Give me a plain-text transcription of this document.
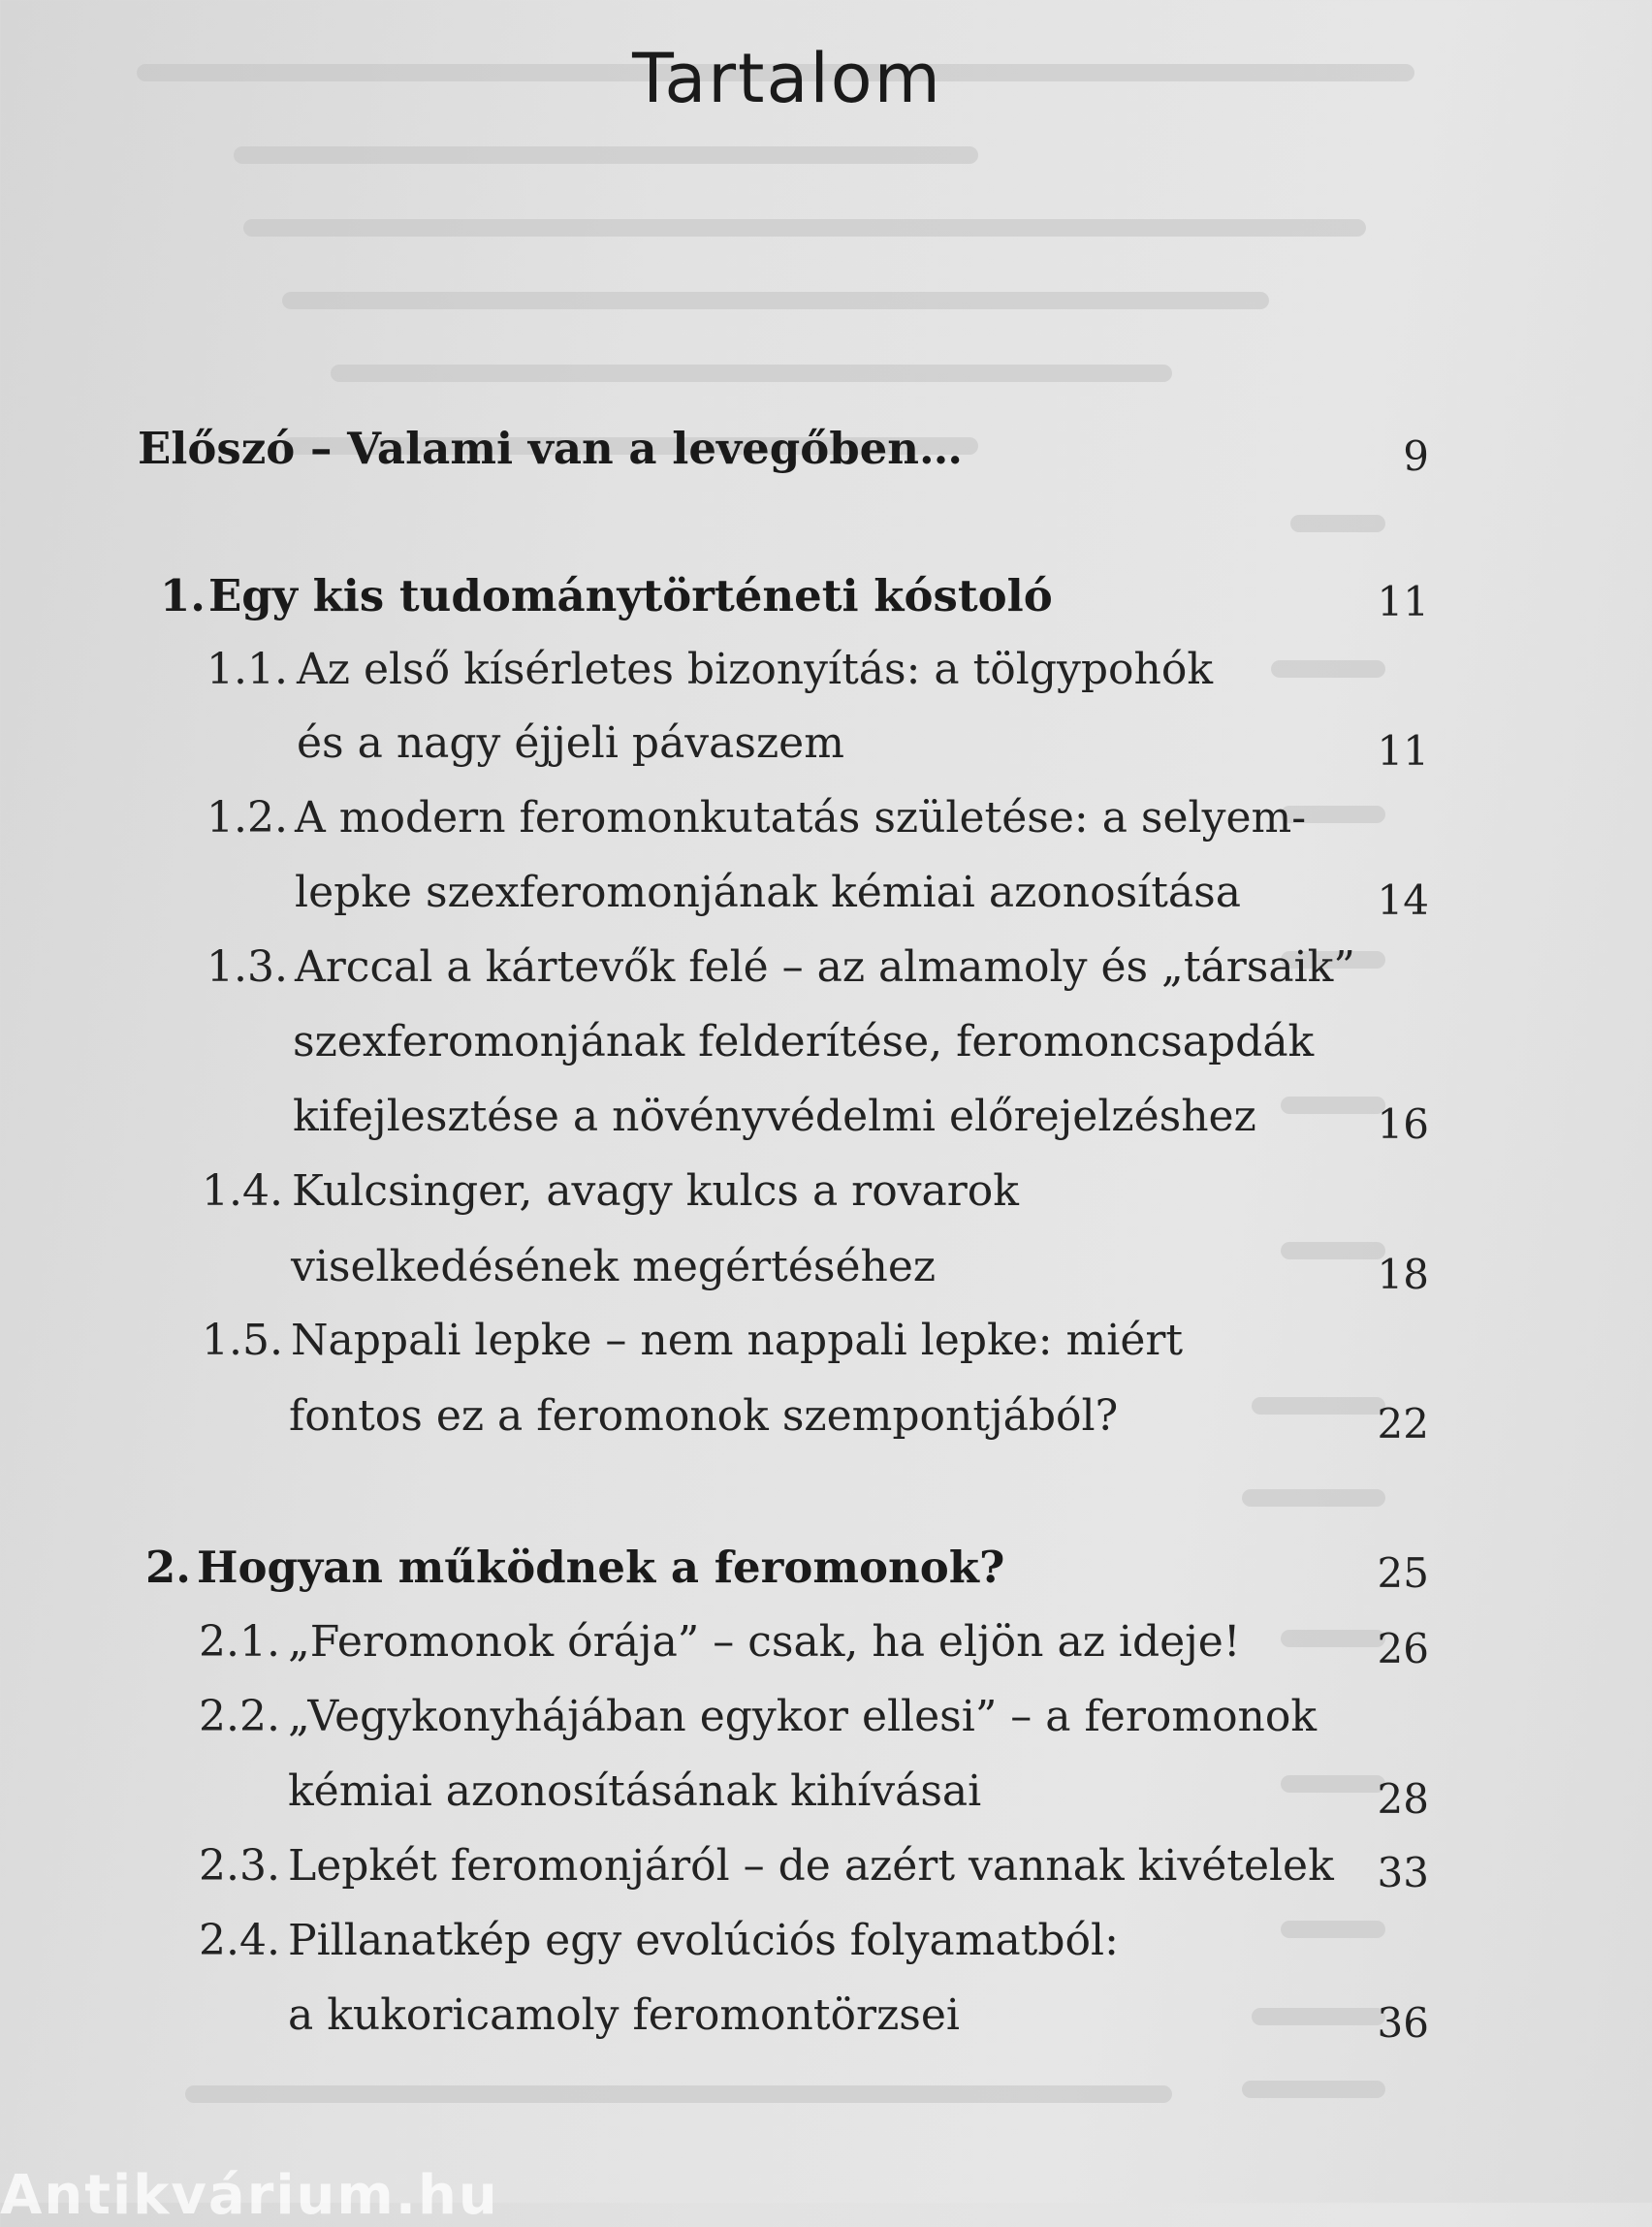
Tartalom
Előszó – Valami van a levegőben…	9
1. Egy kis tudománytörténeti kóstoló	11
1.1. Az első kísérletes bizonyítás: a tölgypohók
és a nagy éjjeli pávaszem	11
1.2. A modern feromonkutatás születése: a selyem-
lepke szexferomonjának kémiai azonosítása	14
1.3. Arccal a kártevők felé – az almamoly és „társaik”
szexferomonjának felderítése, feromoncsapdák
kifejlesztése a növényvédelmi előrejelzéshez	16
1.4. Kulcsinger, avagy kulcs a rovarok
viselkedésének megértéséhez	18
1.5. Nappali lepke – nem nappali lepke: miért
fontos ez a feromonok szempontjából?	22
2. Hogyan működnek a feromonok?	25
2.1. „Feromonok órája” – csak, ha eljön az ideje!	26
2.2. „Vegykonyhájában egykor ellesi” – a feromonok
kémiai azonosításának kihívásai	28
2.3. Lepkét feromonjáról – de azért vannak kivételek	33
2.4. Pillanatkép egy evolúciós folyamatból:
a kukoricamoly feromontörzsei	36
Antikvárium.hu
